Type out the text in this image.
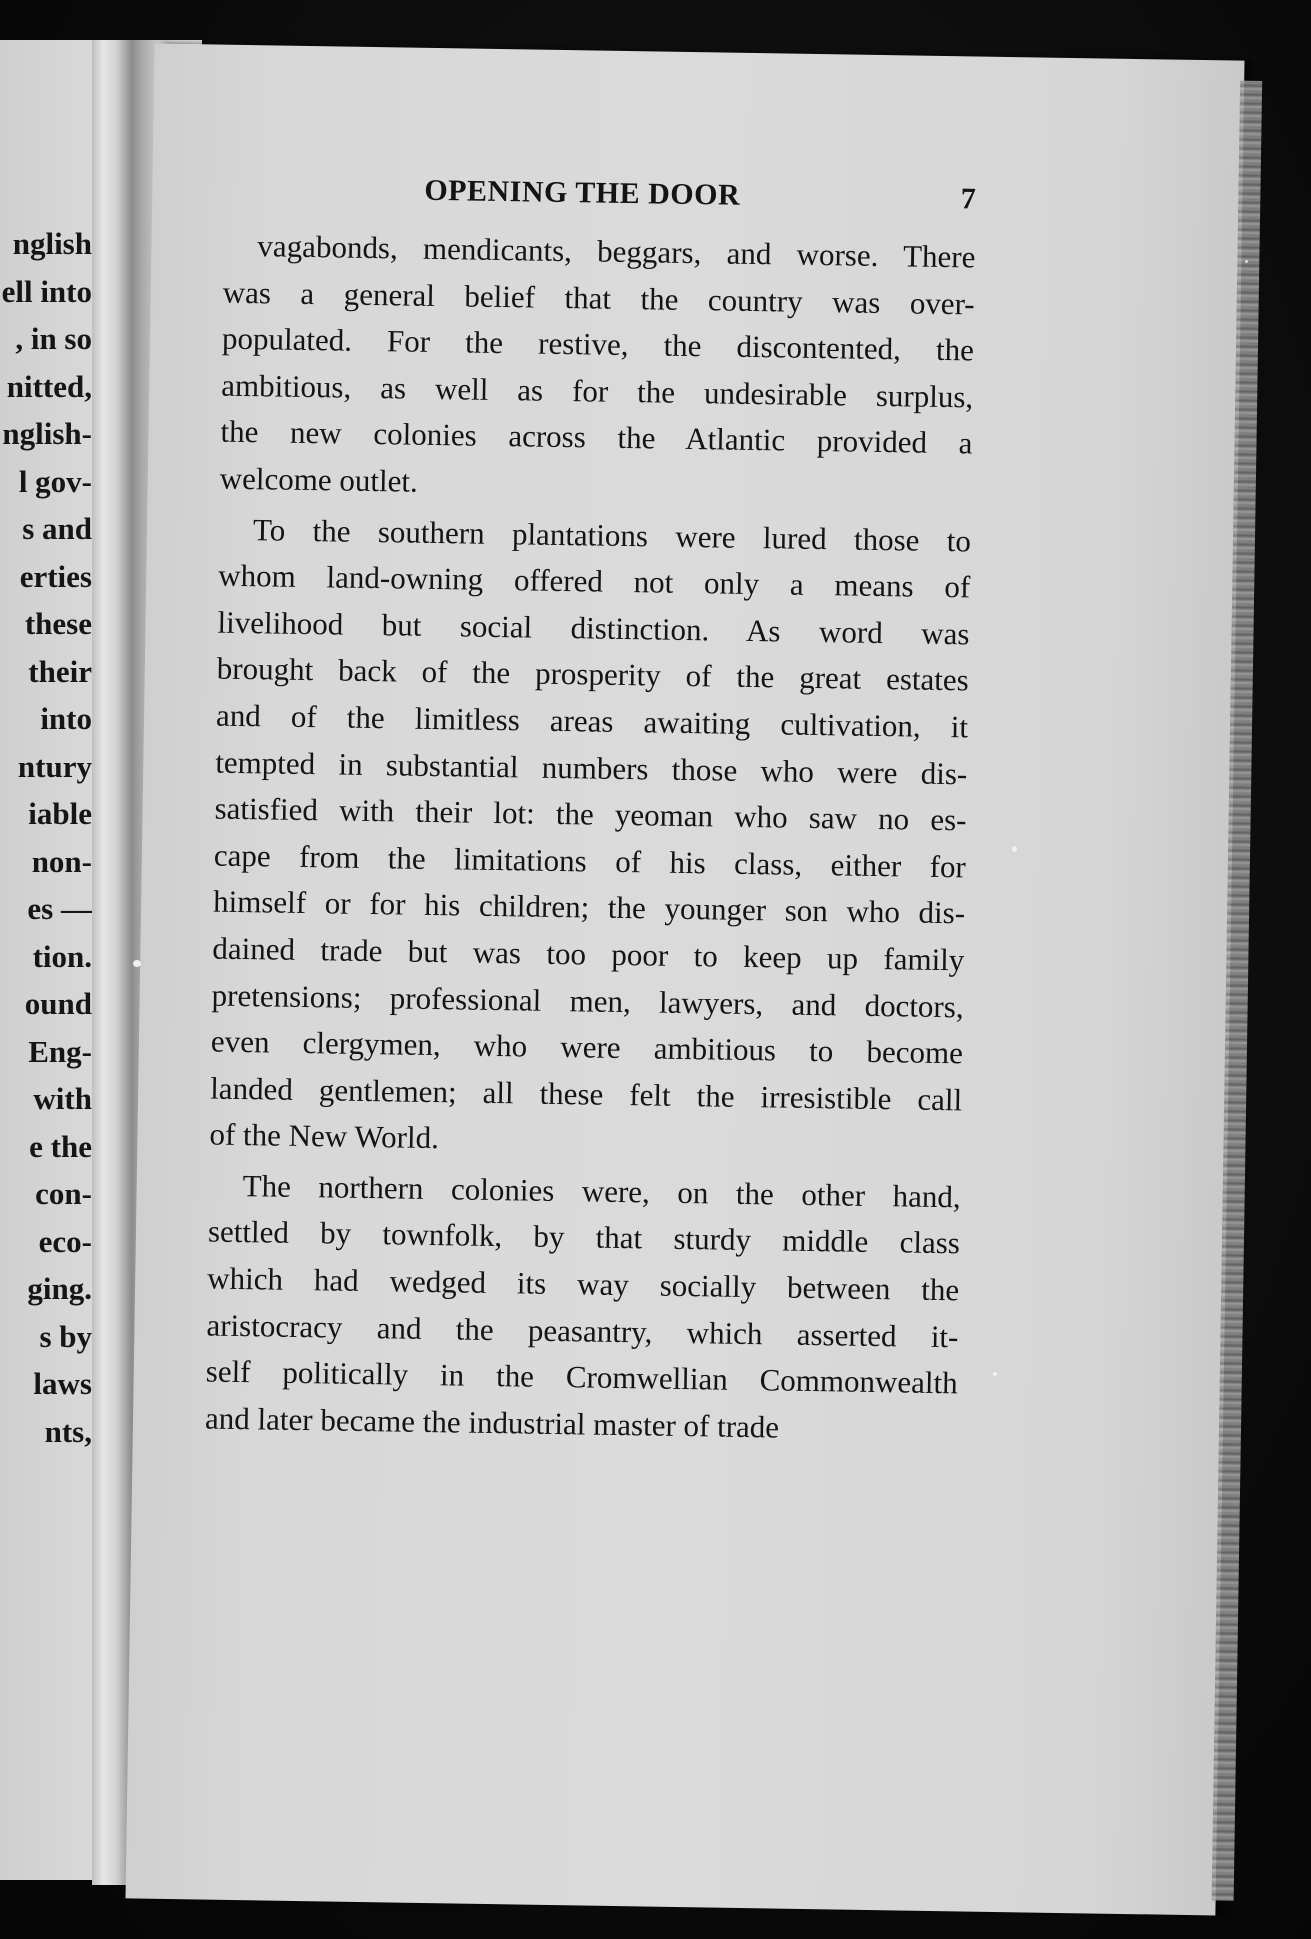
nglish
ell into
, in so
nitted,
nglish-
l gov-
s and
erties
these
their
into
ntury
iable
non-
es —
tion.
ound
Eng-
with
e the
con-
eco-
ging.
s by
laws
nts,
OPENING THE DOOR	7
vagabonds, mendicants, beggars, and worse. There
was a general belief that the country was over-
populated. For the restive, the discontented, the
ambitious, as well as for the undesirable surplus,
the new colonies across the Atlantic provided a
welcome outlet.
To the southern plantations were lured those to
whom land-owning offered not only a means of
livelihood but social distinction. As word was
brought back of the prosperity of the great estates
and of the limitless areas awaiting cultivation, it
tempted in substantial numbers those who were dis-
satisfied with their lot: the yeoman who saw no es-
cape from the limitations of his class, either for
himself or for his children; the younger son who dis-
dained trade but was too poor to keep up family
pretensions; professional men, lawyers, and doctors,
even clergymen, who were ambitious to become
landed gentlemen; all these felt the irresistible call
of the New World.
The northern colonies were, on the other hand,
settled by townfolk, by that sturdy middle class
which had wedged its way socially between the
aristocracy and the peasantry, which asserted it-
self politically in the Cromwellian Commonwealth
and later became the industrial master of trade
